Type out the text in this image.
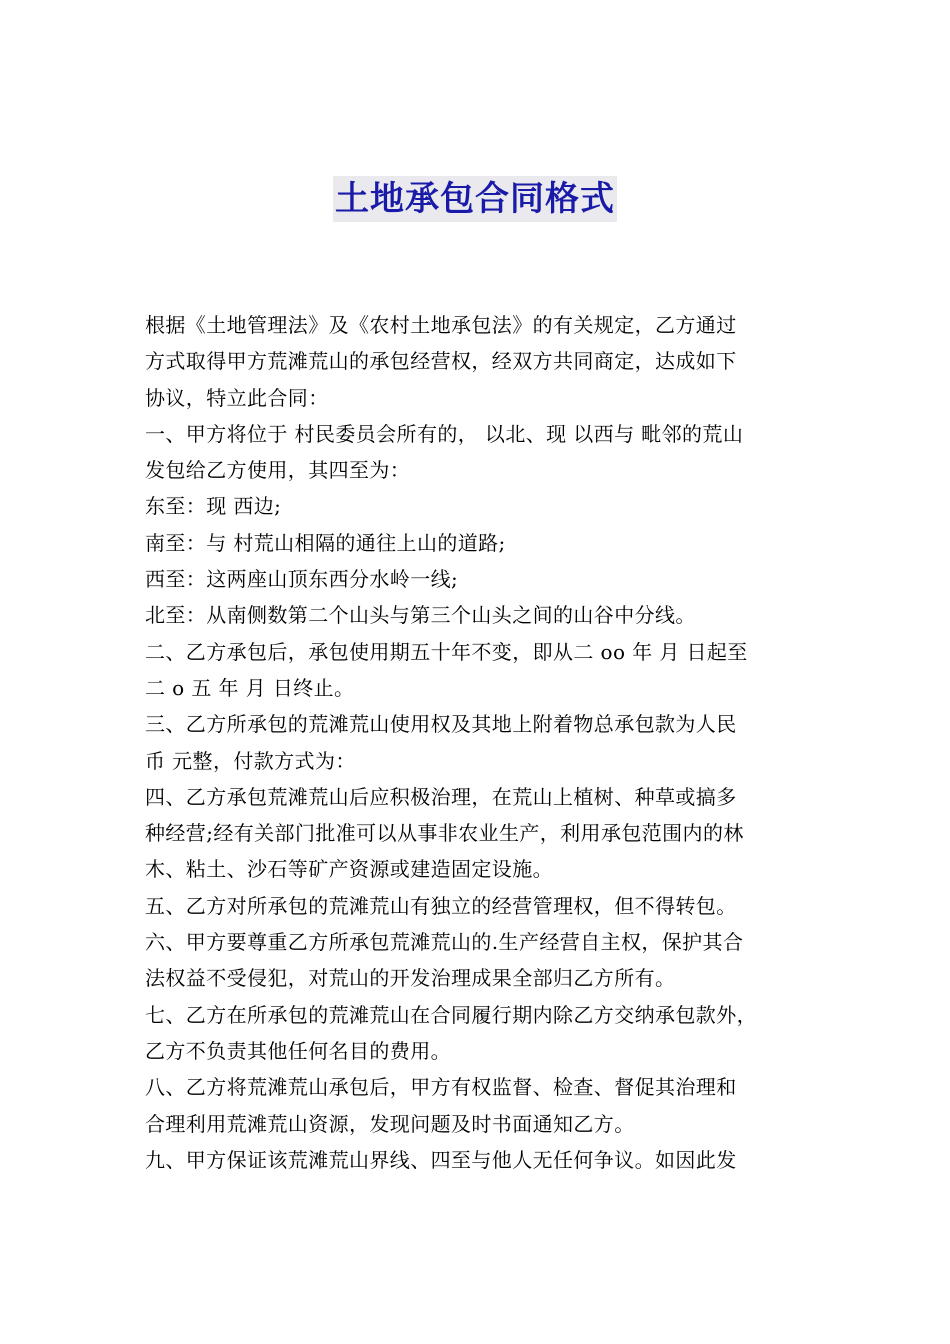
土地承包合同格式

根据《土地管理法》及《农村土地承包法》的有关规定，乙方通过

方式取得甲方荒滩荒山的承包经营权，经双方共同商定，达成如下

协议，特立此合同：

一、甲方将位于 村民委员会所有的， 以北、现 以西与 毗邻的荒山

发包给乙方使用，其四至为：

东至：现 西边;

南至：与 村荒山相隔的通往上山的道路;

西至：这两座山顶东西分水岭一线;

北至：从南侧数第二个山头与第三个山头之间的山谷中分线。

二、乙方承包后，承包使用期五十年不变，即从二 oo 年 月 日起至

二 o 五 年 月 日终止。

三、乙方所承包的荒滩荒山使用权及其地上附着物总承包款为人民

币 元整，付款方式为：

四、乙方承包荒滩荒山后应积极治理，在荒山上植树、种草或搞多

种经营;经有关部门批准可以从事非农业生产，利用承包范围内的林

木、粘土、沙石等矿产资源或建造固定设施。

五、乙方对所承包的荒滩荒山有独立的经营管理权，但不得转包。

六、甲方要尊重乙方所承包荒滩荒山的.生产经营自主权，保护其合

法权益不受侵犯，对荒山的开发治理成果全部归乙方所有。

七、乙方在所承包的荒滩荒山在合同履行期内除乙方交纳承包款外，

乙方不负责其他任何名目的费用。

八、乙方将荒滩荒山承包后，甲方有权监督、检查、督促其治理和

合理利用荒滩荒山资源，发现问题及时书面通知乙方。

九、甲方保证该荒滩荒山界线、四至与他人无任何争议。如因此发
